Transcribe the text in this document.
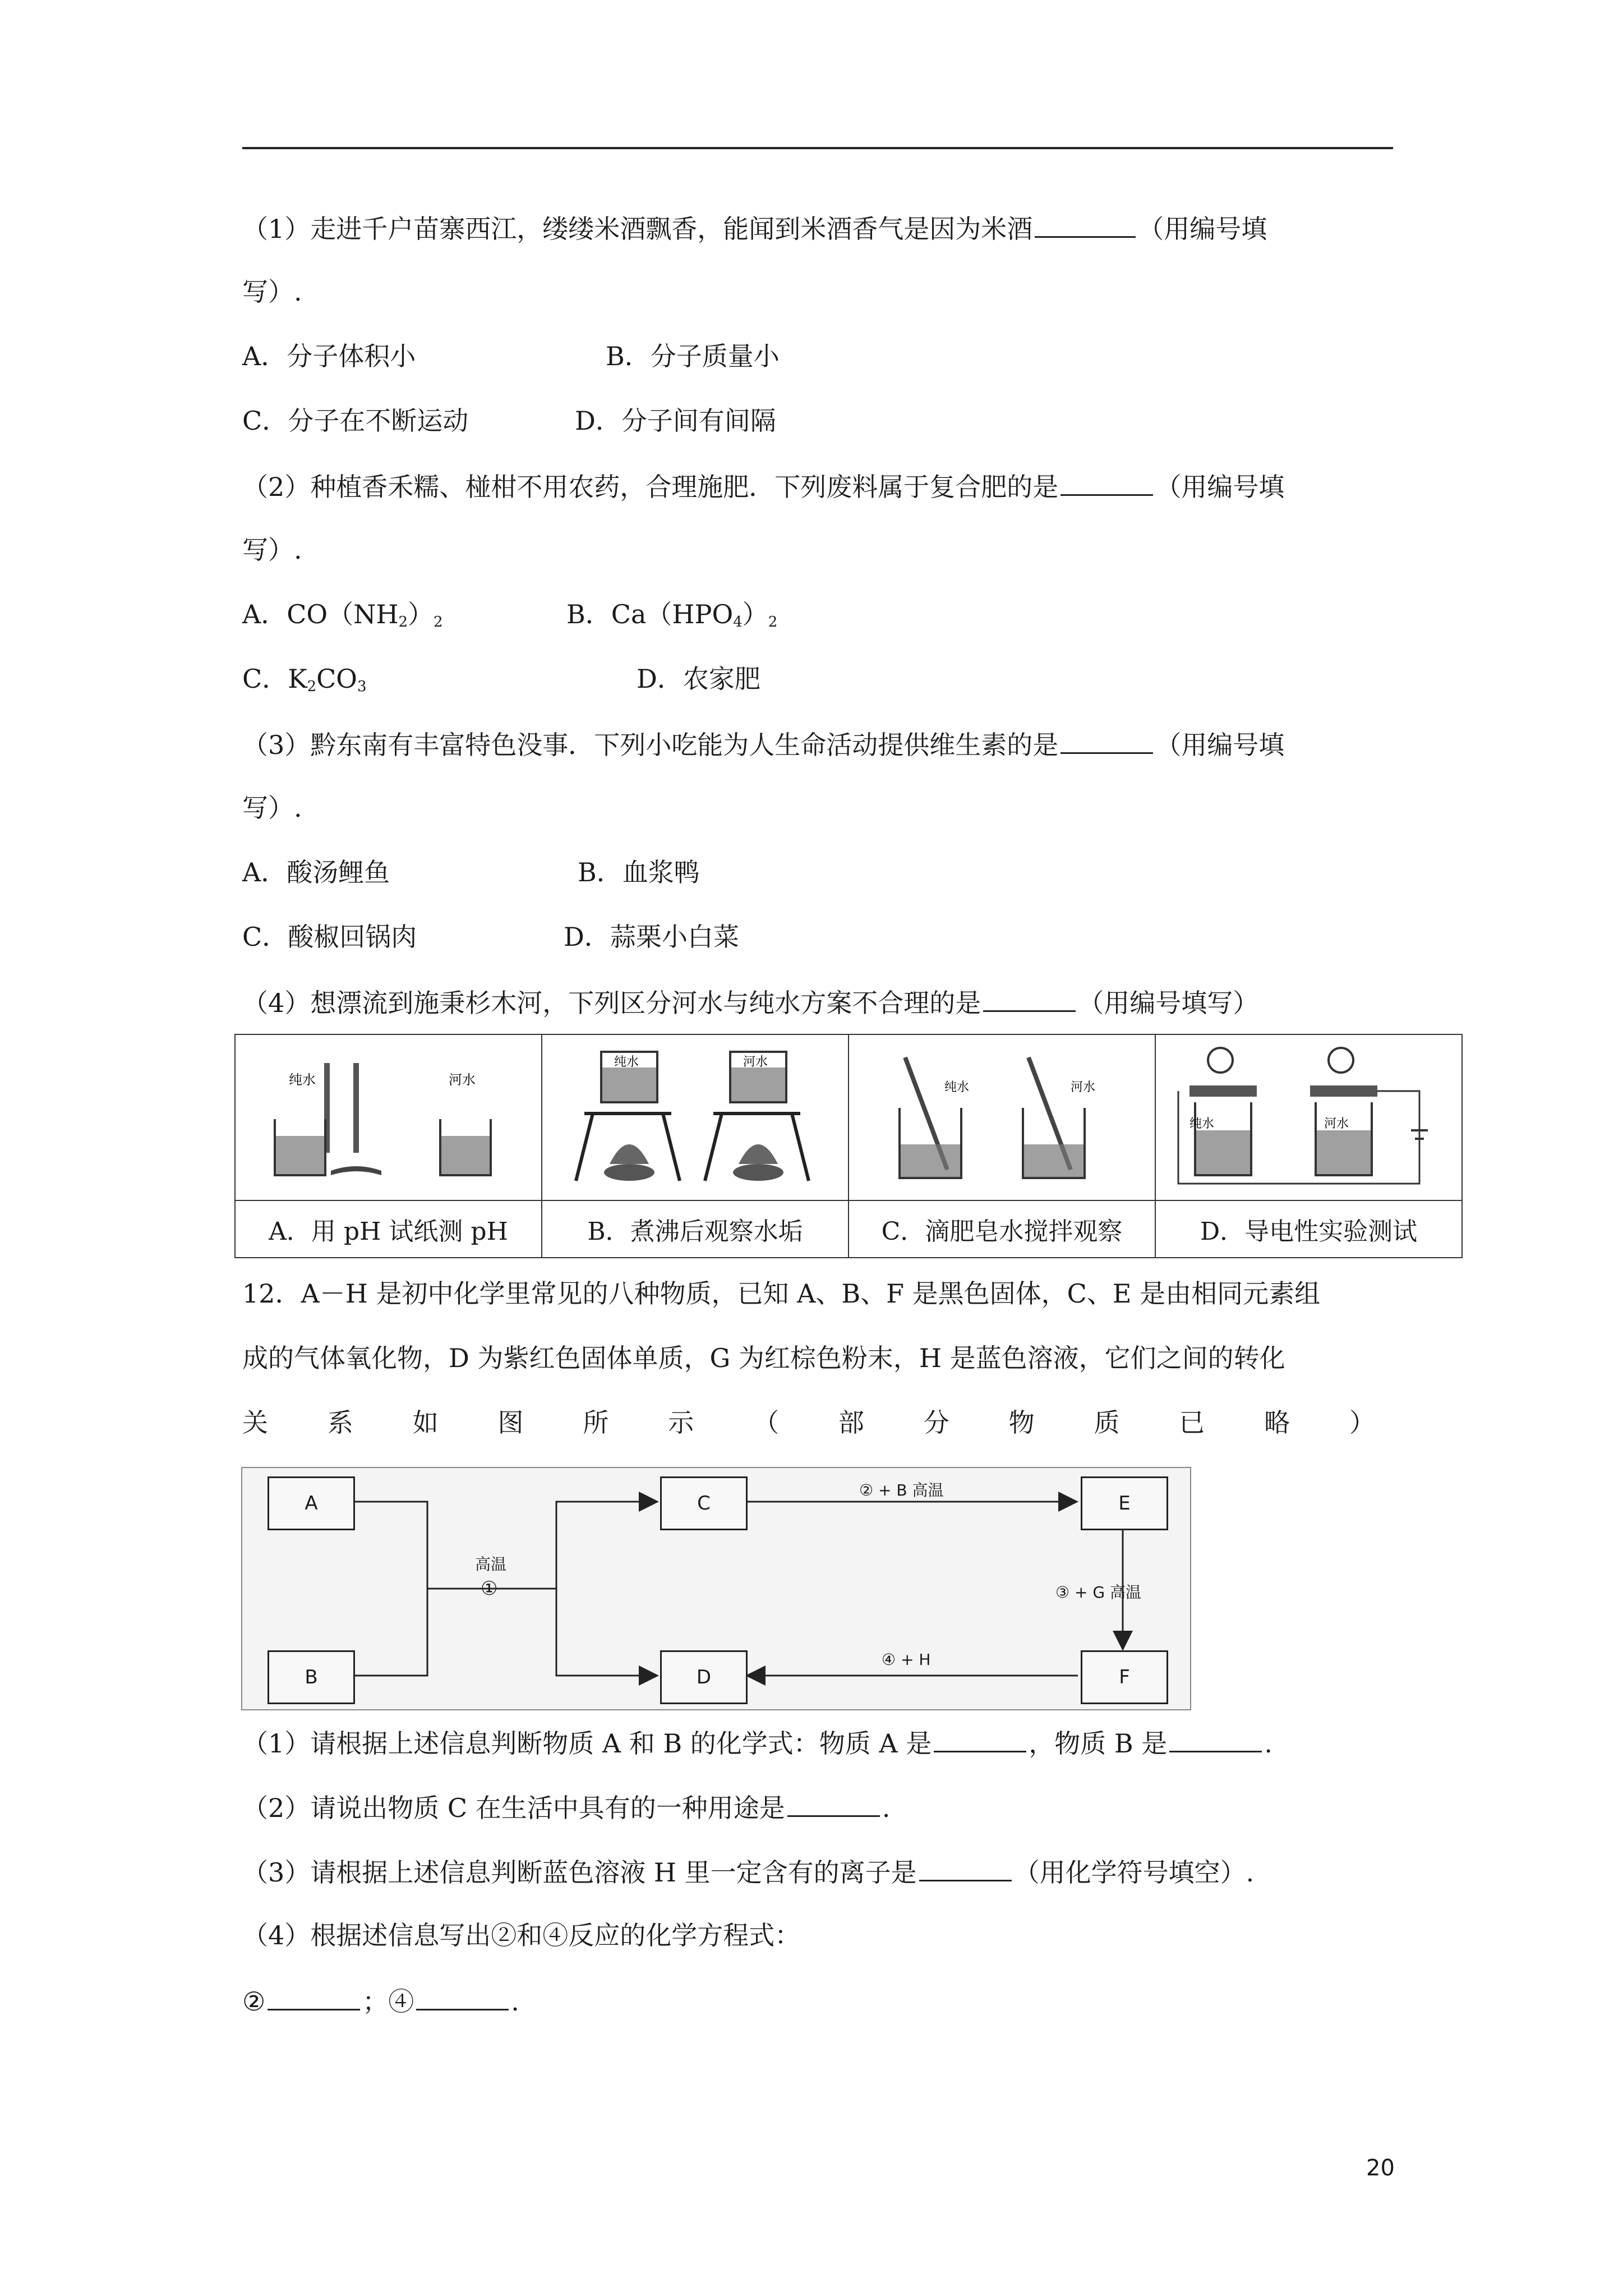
（1）走进千户苗寨西江，缕缕米酒飘香，能闻到米酒香气是因为米酒	（用编号填
写）.
A．分子体积小	B．分子质量小
C．分子在不断运动	D．分子间有间隔
（2）种植香禾糯、椪柑不用农药，合理施肥．下列废料属于复合肥的是	（用编号填
写）.
A．$CO(NH_2)_2$	B．$Ca(HPO_4)_2$
C．$K_2CO_3$	D．农家肥
（3）黔东南有丰富特色没事．下列小吃能为人生命活动提供维生素的是	（用编号填
写）.
A．酸汤鲤鱼	B．血浆鸭
C．酸椒回锅肉	D．蒜栗小白菜
（4）想漂流到施秉杉木河，下列区分河水与纯水方案不合理的是	（用编号填写）
纯水 河水	纯水 河水	纯水 河水	纯水 河水

A．用 pH 试纸测 pH	B．煮沸后观察水垢	C．滴肥皂水搅拌观察	D．导电性实验测试
12．A－H 是初中化学里常见的八种物质，已知 A、B、F 是黑色固体，C、E 是由相同元素组
成的气体氧化物，D 为紫红色固体单质，G 为红棕色粉末，H 是蓝色溶液，它们之间的转化
关 系 如 图 所 示 （ 部 分 物 质 已 略 ）
A
B
C
D
E
F
高温
①
② + B 高温
③ + G 高温
④ + H
（1）请根据上述信息判断物质 A 和 B 的化学式：物质 A 是	，物质 B 是	.
（2）请说出物质 C 在生活中具有的一种用途是	.
（3）请根据上述信息判断蓝色溶液 H 里一定含有的离子是	（用化学符号填空）.
（4）根据述信息写出②和④反应的化学方程式：
②	；④	.
20
